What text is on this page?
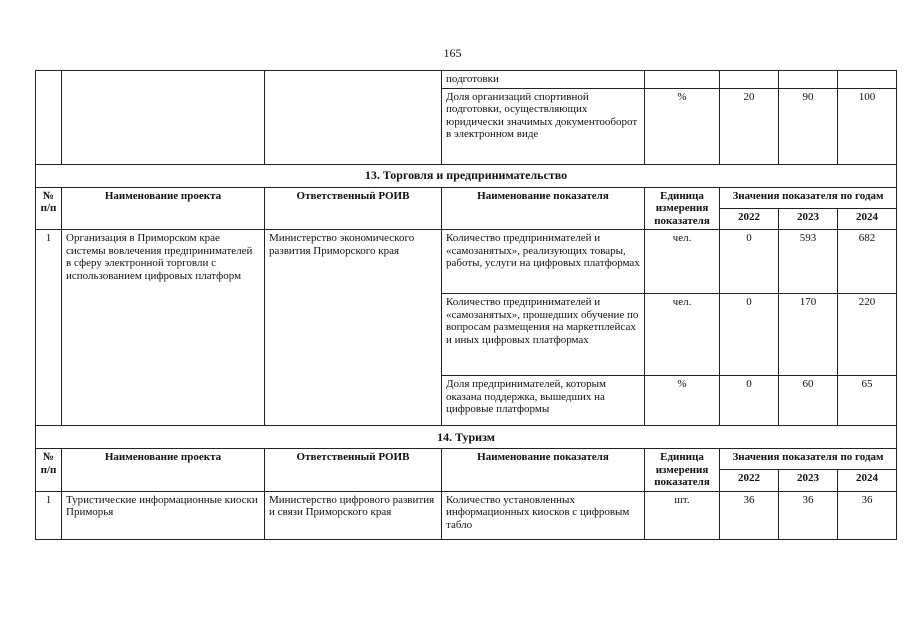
165
			подготовки				
			Доля организаций спортивной подготовки, осуществляющих юридически значимых документооборот в электронном виде	%	20	90	100
13. Торговля и предпринимательство							
№ п/п	Наименование проекта	Ответственный РОИВ	Наименование показателя	Единица измерения показателя	Значения показателя по годам		
					2022	2023	2024
1	Организация в Приморском крае системы вовлечения предпринимателей в сферу электронной торговли с использованием цифровых платформ	Министерство экономического развития Приморского края	Количество предпринимателей и «самозанятых», реализующих товары, работы, услуги на цифровых платформах	чел.	0	593	682
			Количество предпринимателей и «самозанятых», прошедших обучение по вопросам размещения на маркетплейсах и иных цифровых платформах	чел.	0	170	220
			Доля предпринимателей, которым оказана поддержка, вышедших на цифровые платформы	%	0	60	65
14. Туризм							
№ п/п	Наименование проекта	Ответственный РОИВ	Наименование показателя	Единица измерения показателя	Значения показателя по годам		
					2022	2023	2024
1	Туристические информационные киоски Приморья	Министерство цифрового развития и связи Приморского края	Количество установленных информационных киосков с цифровым табло	шт.	36	36	36
